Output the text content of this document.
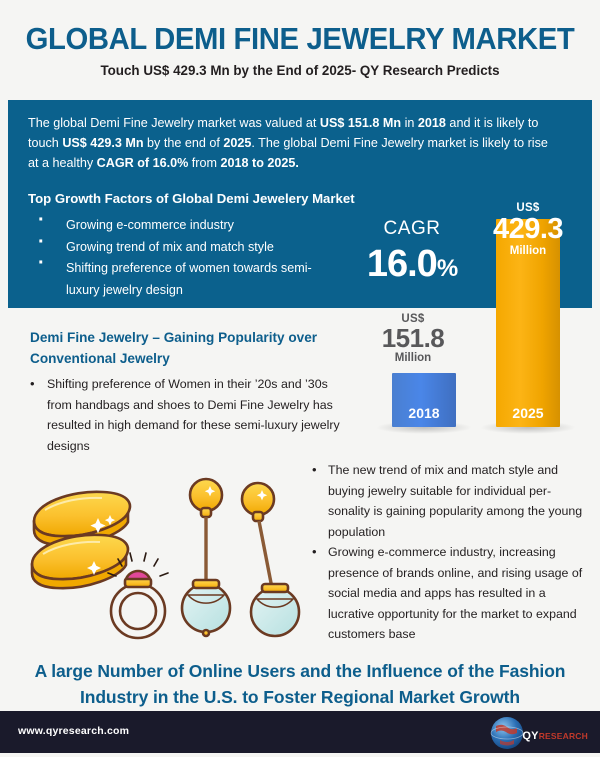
GLOBAL DEMI FINE JEWELRY MARKET
Touch US$ 429.3 Mn by the End of 2025- QY Research Predicts
The global Demi Fine Jewelry market was valued at US$ 151.8 Mn in 2018 and it is likely to touch US$ 429.3 Mn by the end of 2025. The global Demi Fine Jewelry market is likely to rise at a healthy CAGR of 16.0% from 2018 to 2025.
Top Growth Factors of Global Demi Jewelery Market
· Growing e-commerce industry
· Growing trend of mix and match style
· Shifting preference of women towards semi-luxury jewelry design
CAGR
16.0%
2018
US$
151.8
Million
2025
US$
429.3
Million
Demi Fine Jewelry – Gaining Popularity over Conventional Jewelry
• Shifting preference of Women in their ’20s and ’30s from handbags and shoes to Demi Fine Jewelry has resulted in high demand for these semi-luxury jewelry designs
• The new trend of mix and match style and buying jewelry suitable for individual per-sonality is gaining popularity among the young population
• Growing e-commerce industry, increasing presence of brands online, and rising usage of social media and apps has resulted in a lucrative opportunity for the market to expand customers base
A large Number of Online Users and the Influence of the Fashion Industry in the U.S. to Foster Regional Market Growth
www.qyresearch.com	QYRESEARCH
